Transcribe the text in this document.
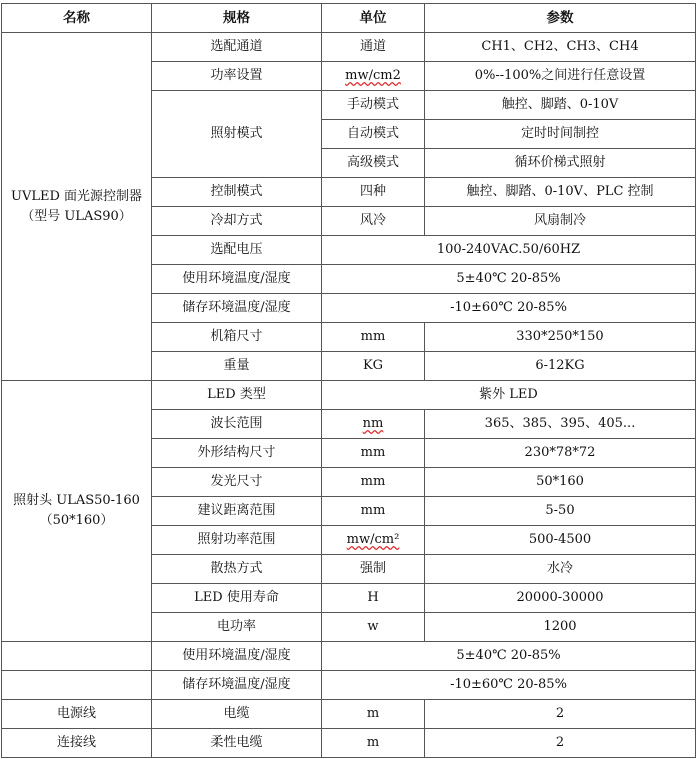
名称	规格	单位	参数

UVLED 面光源控制器
（型号 ULAS90）	选配通道	通道	CH1、CH2、CH3、CH4
	功率设置	mw/cm2	0%--100%之间进行任意设置
	照射模式	手动模式	触控、脚踏、0-10V
		自动模式	定时时间制控
		高级模式	循环价梯式照射
	控制模式	四种	触控、脚踏、0-10V、PLC 控制
	冷却方式	风冷	风扇制冷
	选配电压	100-240VAC.50/60HZ	
	使用环境温度/湿度	5±40℃ 20-85%	
	储存环境温度/湿度	-10±60℃ 20-85%	
	机箱尺寸	mm	330*250*150
	重量	KG	6-12KG

照射头 ULAS50-160
（50*160）	LED 类型	紫外 LED	
	波长范围	nm	365、385、395、405...
	外形结构尺寸	mm	230*78*72
	发光尺寸	mm	50*160
	建议距离范围	mm	5-50
	照射功率范围	mw/cm²	500-4500
	散热方式	强制	水冷
	LED 使用寿命	H	20000-30000
	电功率	w	1200
	使用环境温度/湿度	5±40℃ 20-85%	
	储存环境温度/湿度	-10±60℃ 20-85%	
电源线	电缆	m	2
连接线	柔性电缆	m	2
